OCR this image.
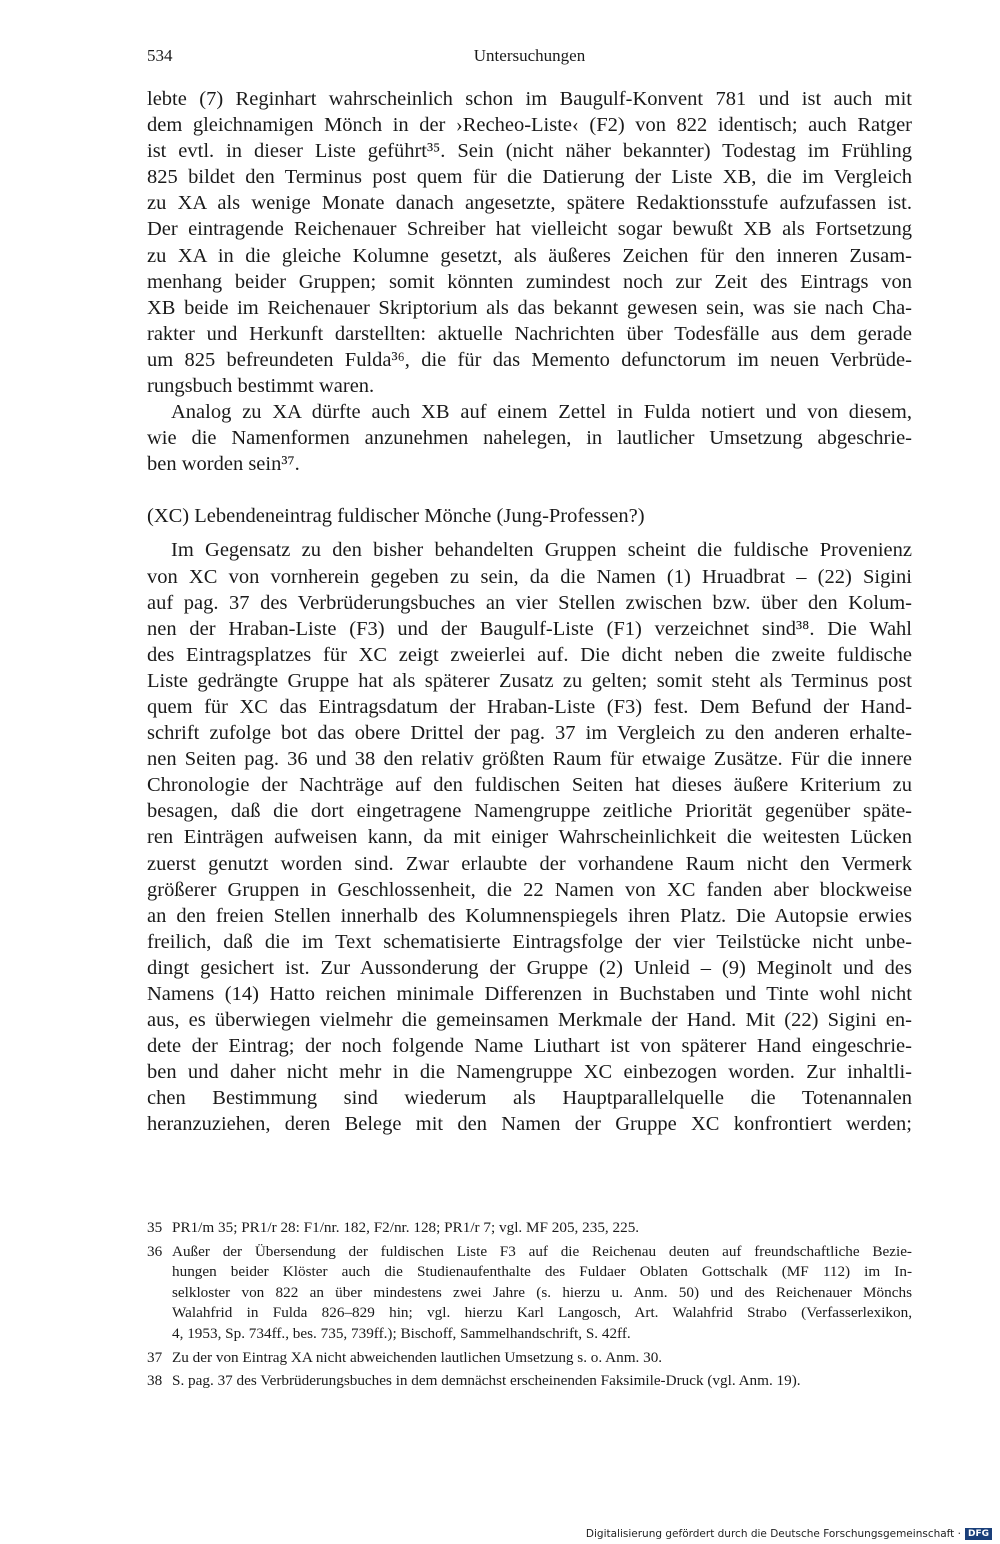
534	Untersuchungen
lebte (7) Reginhart wahrscheinlich schon im Baugulf-Konvent 781 und ist auch mit
dem gleichnamigen Mönch in der ›Recheo-Liste‹ (F2) von 822 identisch; auch Ratger
ist evtl. in dieser Liste geführt³⁵. Sein (nicht näher bekannter) Todestag im Frühling
825 bildet den Terminus post quem für die Datierung der Liste XB, die im Vergleich
zu XA als wenige Monate danach angesetzte, spätere Redaktionsstufe aufzufassen ist.
Der eintragende Reichenauer Schreiber hat vielleicht sogar bewußt XB als Fortsetzung
zu XA in die gleiche Kolumne gesetzt, als äußeres Zeichen für den inneren Zusam-
menhang beider Gruppen; somit könnten zumindest noch zur Zeit des Eintrags von
XB beide im Reichenauer Skriptorium als das bekannt gewesen sein, was sie nach Cha-
rakter und Herkunft darstellten: aktuelle Nachrichten über Todesfälle aus dem gerade
um 825 befreundeten Fulda³⁶, die für das Memento defunctorum im neuen Verbrüde-
rungsbuch bestimmt waren.
Analog zu XA dürfte auch XB auf einem Zettel in Fulda notiert und von diesem,
wie die Namenformen anzunehmen nahelegen, in lautlicher Umsetzung abgeschrie-
ben worden sein³⁷.
(XC) Lebendeneintrag fuldischer Mönche (Jung-Professen?)
Im Gegensatz zu den bisher behandelten Gruppen scheint die fuldische Provenienz
von XC von vornherein gegeben zu sein, da die Namen (1) Hruadbrat – (22) Sigini
auf pag. 37 des Verbrüderungsbuches an vier Stellen zwischen bzw. über den Kolum-
nen der Hraban-Liste (F3) und der Baugulf-Liste (F1) verzeichnet sind³⁸. Die Wahl
des Eintragsplatzes für XC zeigt zweierlei auf. Die dicht neben die zweite fuldische
Liste gedrängte Gruppe hat als späterer Zusatz zu gelten; somit steht als Terminus post
quem für XC das Eintragsdatum der Hraban-Liste (F3) fest. Dem Befund der Hand-
schrift zufolge bot das obere Drittel der pag. 37 im Vergleich zu den anderen erhalte-
nen Seiten pag. 36 und 38 den relativ größten Raum für etwaige Zusätze. Für die innere
Chronologie der Nachträge auf den fuldischen Seiten hat dieses äußere Kriterium zu
besagen, daß die dort eingetragene Namengruppe zeitliche Priorität gegenüber späte-
ren Einträgen aufweisen kann, da mit einiger Wahrscheinlichkeit die weitesten Lücken
zuerst genutzt worden sind. Zwar erlaubte der vorhandene Raum nicht den Vermerk
größerer Gruppen in Geschlossenheit, die 22 Namen von XC fanden aber blockweise
an den freien Stellen innerhalb des Kolumnenspiegels ihren Platz. Die Autopsie erwies
freilich, daß die im Text schematisierte Eintragsfolge der vier Teilstücke nicht unbe-
dingt gesichert ist. Zur Aussonderung der Gruppe (2) Unleid – (9) Meginolt und des
Namens (14) Hatto reichen minimale Differenzen in Buchstaben und Tinte wohl nicht
aus, es überwiegen vielmehr die gemeinsamen Merkmale der Hand. Mit (22) Sigini en-
dete der Eintrag; der noch folgende Name Liuthart ist von späterer Hand eingeschrie-
ben und daher nicht mehr in die Namengruppe XC einbezogen worden. Zur inhaltli-
chen Bestimmung sind wiederum als Hauptparallelquelle die Totenannalen
heranzuziehen, deren Belege mit den Namen der Gruppe XC konfrontiert werden;
35 PR1/m 35; PR1/r 28: F1/nr. 182, F2/nr. 128; PR1/r 7; vgl. MF 205, 235, 225.
36 Außer der Übersendung der fuldischen Liste F3 auf die Reichenau deuten auf freundschaftliche Bezie-
hungen beider Klöster auch die Studienaufenthalte des Fuldaer Oblaten Gottschalk (MF 112) im In-
selkloster von 822 an über mindestens zwei Jahre (s. hierzu u. Anm. 50) und des Reichenauer Mönchs
Walahfrid in Fulda 826–829 hin; vgl. hierzu Karl Langosch, Art. Walahfrid Strabo (Verfasserlexikon,
4, 1953, Sp. 734ff., bes. 735, 739ff.); Bischoff, Sammelhandschrift, S. 42ff.
37 Zu der von Eintrag XA nicht abweichenden lautlichen Umsetzung s. o. Anm. 30.
38 S. pag. 37 des Verbrüderungsbuches in dem demnächst erscheinenden Faksimile-Druck (vgl. Anm. 19).
Digitalisierung gefördert durch die Deutsche Forschungsgemeinschaft · DFG
